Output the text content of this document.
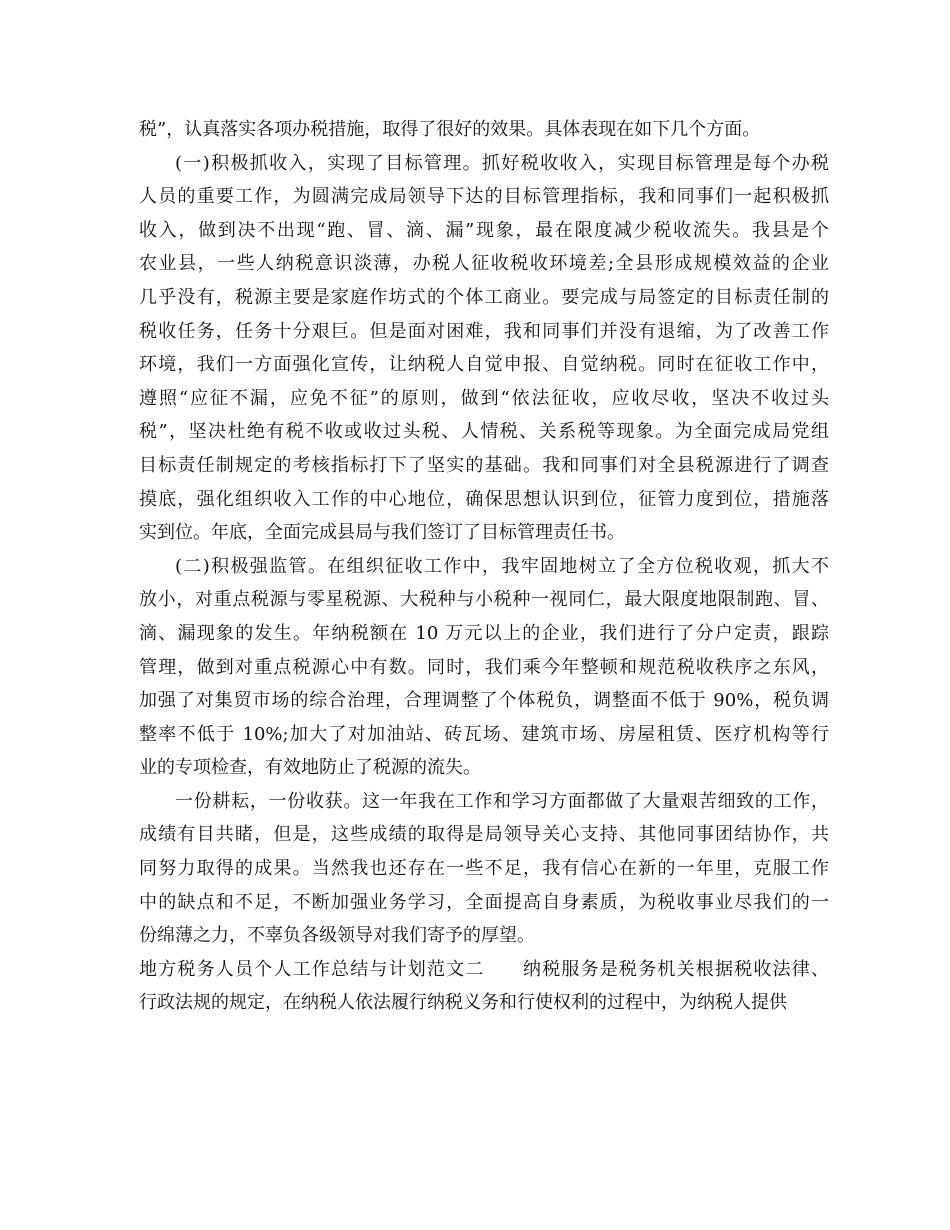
税”，认真落实各项办税措施，取得了很好的效果。具体表现在如下几个方面。
(一)积极抓收入，实现了目标管理。抓好税收收入，实现目标管理是每个办税
人员的重要工作，为圆满完成局领导下达的目标管理指标，我和同事们一起积极抓
收入，做到决不出现“跑、冒、滴、漏”现象，最在限度减少税收流失。我县是个
农业县，一些人纳税意识淡薄，办税人征收税收环境差;全县形成规模效益的企业
几乎没有，税源主要是家庭作坊式的个体工商业。要完成与局签定的目标责任制的
税收任务，任务十分艰巨。但是面对困难，我和同事们并没有退缩，为了改善工作
环境，我们一方面强化宣传，让纳税人自觉申报、自觉纳税。同时在征收工作中，
遵照“应征不漏，应免不征”的原则，做到“依法征收，应收尽收，坚决不收过头
税”，坚决杜绝有税不收或收过头税、人情税、关系税等现象。为全面完成局党组
目标责任制规定的考核指标打下了坚实的基础。我和同事们对全县税源进行了调查
摸底，强化组织收入工作的中心地位，确保思想认识到位，征管力度到位，措施落
实到位。年底，全面完成县局与我们签订了目标管理责任书。
(二)积极强监管。在组织征收工作中，我牢固地树立了全方位税收观，抓大不
放小，对重点税源与零星税源、大税种与小税种一视同仁，最大限度地限制跑、冒、
滴、漏现象的发生。年纳税额在 10 万元以上的企业，我们进行了分户定责，跟踪
管理，做到对重点税源心中有数。同时，我们乘今年整顿和规范税收秩序之东风，
加强了对集贸市场的综合治理，合理调整了个体税负，调整面不低于 90%，税负调
整率不低于 10%;加大了对加油站、砖瓦场、建筑市场、房屋租赁、医疗机构等行
业的专项检查，有效地防止了税源的流失。
一份耕耘，一份收获。这一年我在工作和学习方面都做了大量艰苦细致的工作，
成绩有目共睹，但是，这些成绩的取得是局领导关心支持、其他同事团结协作，共
同努力取得的成果。当然我也还存在一些不足，我有信心在新的一年里，克服工作
中的缺点和不足，不断加强业务学习，全面提高自身素质，为税收事业尽我们的一
份绵薄之力，不辜负各级领导对我们寄予的厚望。
地方税务人员个人工作总结与计划范文二　　纳税服务是税务机关根据税收法律、
行政法规的规定，在纳税人依法履行纳税义务和行使权利的过程中，为纳税人提供
